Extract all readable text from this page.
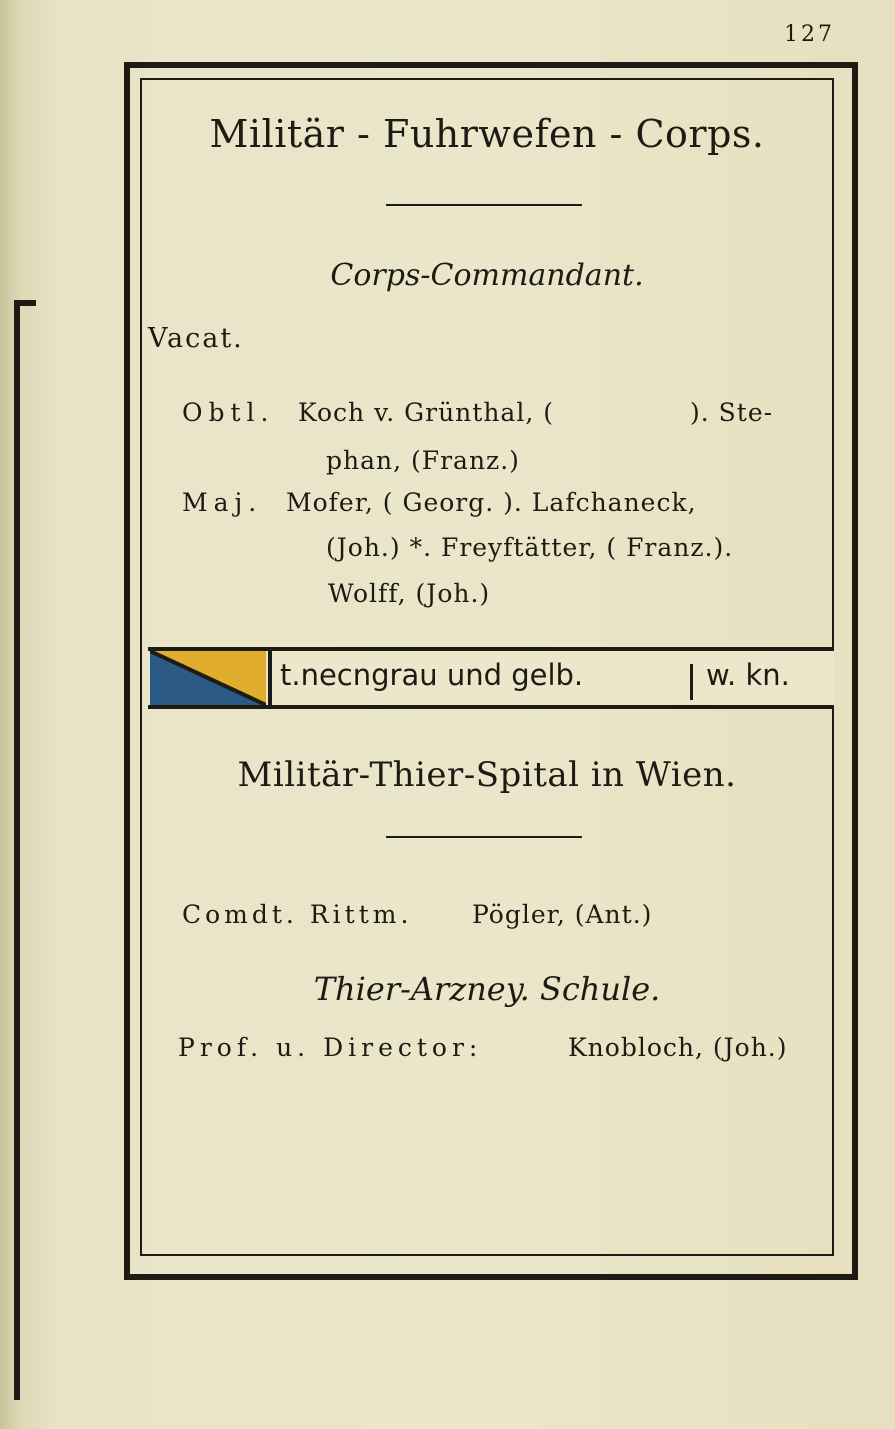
127
Militär - Fuhrwefen - Corps.
Corps-Commandant.
Vacat.
Obtl. Koch v. Grünthal, (	). Ste-
phan, (Franz.)
Maj. Mofer, ( Georg. ). Lafchaneck,
(Joh.) *. Freyftätter, ( Franz.).
Wolff, (Joh.)
t.necngrau und gelb.	w. kn.
Militär-Thier-Spital in Wien.
Comdt. Rittm. Pögler, (Ant.)
Thier-Arzney. Schule.
Prof. u. Director:	Knobloch, (Joh.)
